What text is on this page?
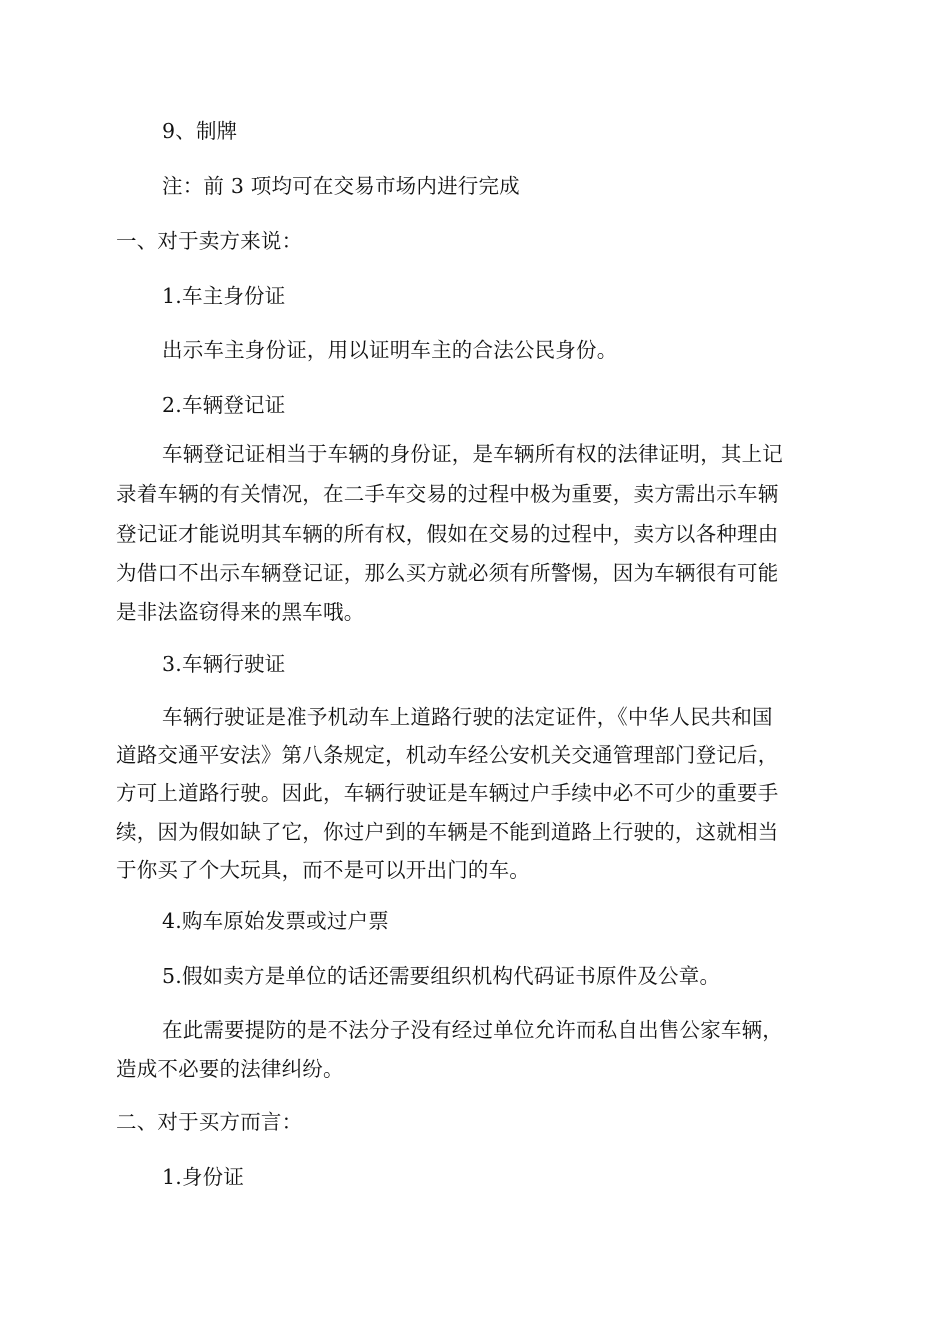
9、制牌
注：前 3 项均可在交易市场内进行完成
一、对于卖方来说：
1.车主身份证
出示车主身份证，用以证明车主的合法公民身份。
2.车辆登记证
车辆登记证相当于车辆的身份证，是车辆所有权的法律证明，其上记
录着车辆的有关情况，在二手车交易的过程中极为重要，卖方需出示车辆
登记证才能说明其车辆的所有权，假如在交易的过程中，卖方以各种理由
为借口不出示车辆登记证，那么买方就必须有所警惕，因为车辆很有可能
是非法盗窃得来的黑车哦。
3.车辆行驶证
车辆行驶证是准予机动车上道路行驶的法定证件，《中华人民共和国
道路交通平安法》第八条规定，机动车经公安机关交通管理部门登记后，
方可上道路行驶。因此，车辆行驶证是车辆过户手续中必不可少的重要手
续，因为假如缺了它，你过户到的车辆是不能到道路上行驶的，这就相当
于你买了个大玩具，而不是可以开出门的车。
4.购车原始发票或过户票
5.假如卖方是单位的话还需要组织机构代码证书原件及公章。
在此需要提防的是不法分子没有经过单位允许而私自出售公家车辆，
造成不必要的法律纠纷。
二、对于买方而言：
1.身份证
